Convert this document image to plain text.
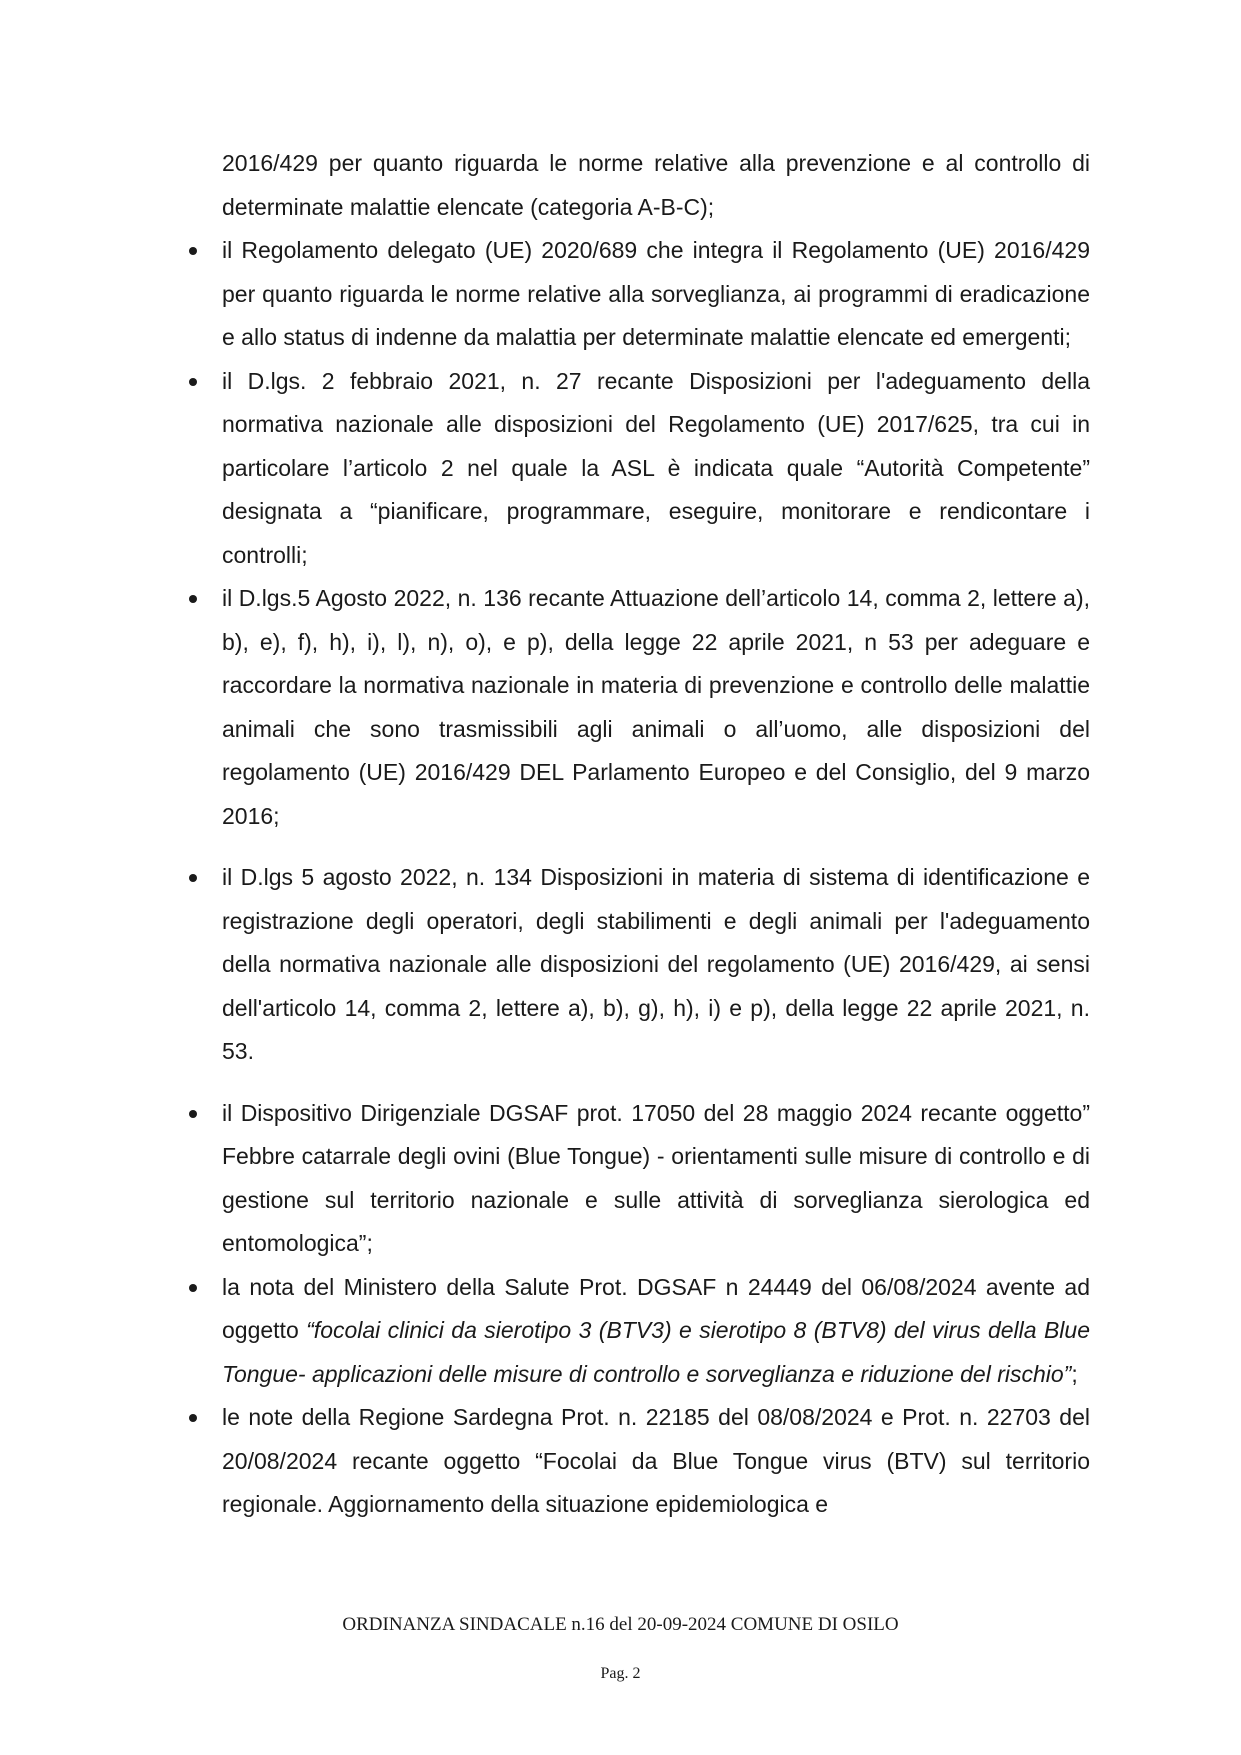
2016/429 per quanto riguarda le norme relative alla prevenzione e al controllo di determinate malattie elencate (categoria A-B-C);

il Regolamento delegato (UE) 2020/689 che integra il Regolamento (UE) 2016/429 per quanto riguarda le norme relative alla sorveglianza, ai programmi di eradicazione e allo status di indenne da malattia per determinate malattie elencate ed emergenti;

il D.lgs. 2 febbraio 2021, n. 27 recante Disposizioni per l'adeguamento della normativa nazionale alle disposizioni del Regolamento (UE) 2017/625, tra cui in particolare l’articolo 2 nel quale la ASL è indicata quale “Autorità Competente” designata a “pianificare, programmare, eseguire, monitorare e rendicontare i controlli;

il D.lgs.5 Agosto 2022, n. 136 recante Attuazione dell’articolo 14, comma 2, lettere a), b), e), f), h), i), l), n), o), e p), della legge 22 aprile 2021, n 53 per adeguare e raccordare la normativa nazionale in materia di prevenzione e controllo delle malattie animali che sono trasmissibili agli animali o all’uomo, alle disposizioni del regolamento (UE) 2016/429 DEL Parlamento Europeo e del Consiglio, del 9 marzo 2016;

il D.lgs 5 agosto 2022, n. 134 Disposizioni in materia di sistema di identificazione e registrazione degli operatori, degli stabilimenti e degli animali per l'adeguamento della normativa nazionale alle disposizioni del regolamento (UE) 2016/429, ai sensi dell'articolo 14, comma 2, lettere a), b), g), h), i) e p), della legge 22 aprile 2021, n. 53.

il Dispositivo Dirigenziale DGSAF prot. 17050 del 28 maggio 2024 recante oggetto” Febbre catarrale degli ovini (Blue Tongue) - orientamenti sulle misure di controllo e di gestione sul territorio nazionale e sulle attività di sorveglianza sierologica ed entomologica”;

la nota del Ministero della Salute Prot. DGSAF n 24449 del 06/08/2024 avente ad oggetto “focolai clinici da sierotipo 3 (BTV3) e sierotipo 8 (BTV8) del virus della Blue Tongue- applicazioni delle misure di controllo e sorveglianza e riduzione del rischio”;

le note della Regione Sardegna Prot. n. 22185 del 08/08/2024 e Prot. n. 22703 del 20/08/2024 recante oggetto “Focolai da Blue Tongue virus (BTV) sul territorio regionale. Aggiornamento della situazione epidemiologica e

ORDINANZA SINDACALE n.16 del 20-09-2024 COMUNE DI OSILO
Pag. 2
